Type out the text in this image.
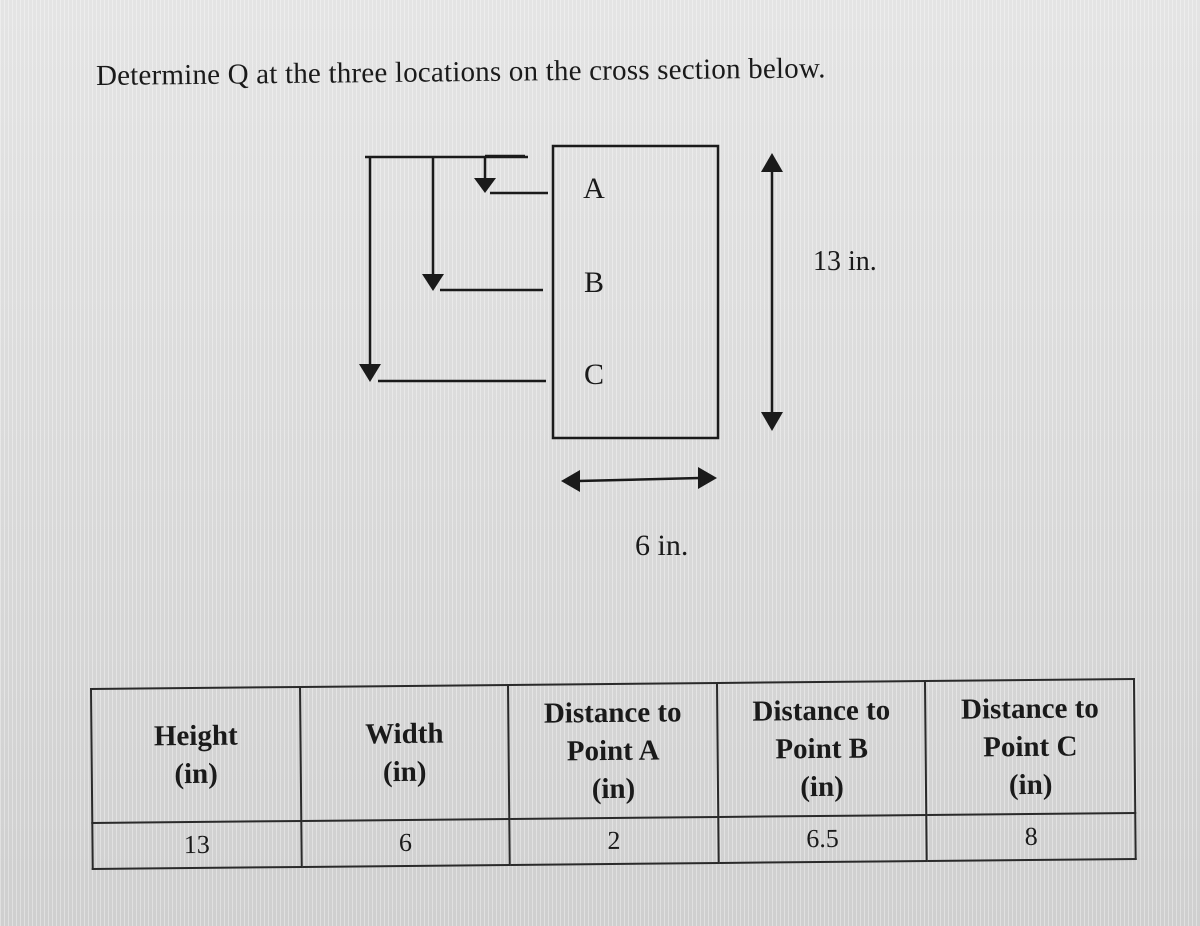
Determine Q at the three locations on the cross section below.
A
B
C
13 in.
6 in.
Height
(in)	Width
(in)	Distance to
Point A
(in)	Distance to
Point B
(in)	Distance to
Point C
(in)

13	6	2	6.5	8
